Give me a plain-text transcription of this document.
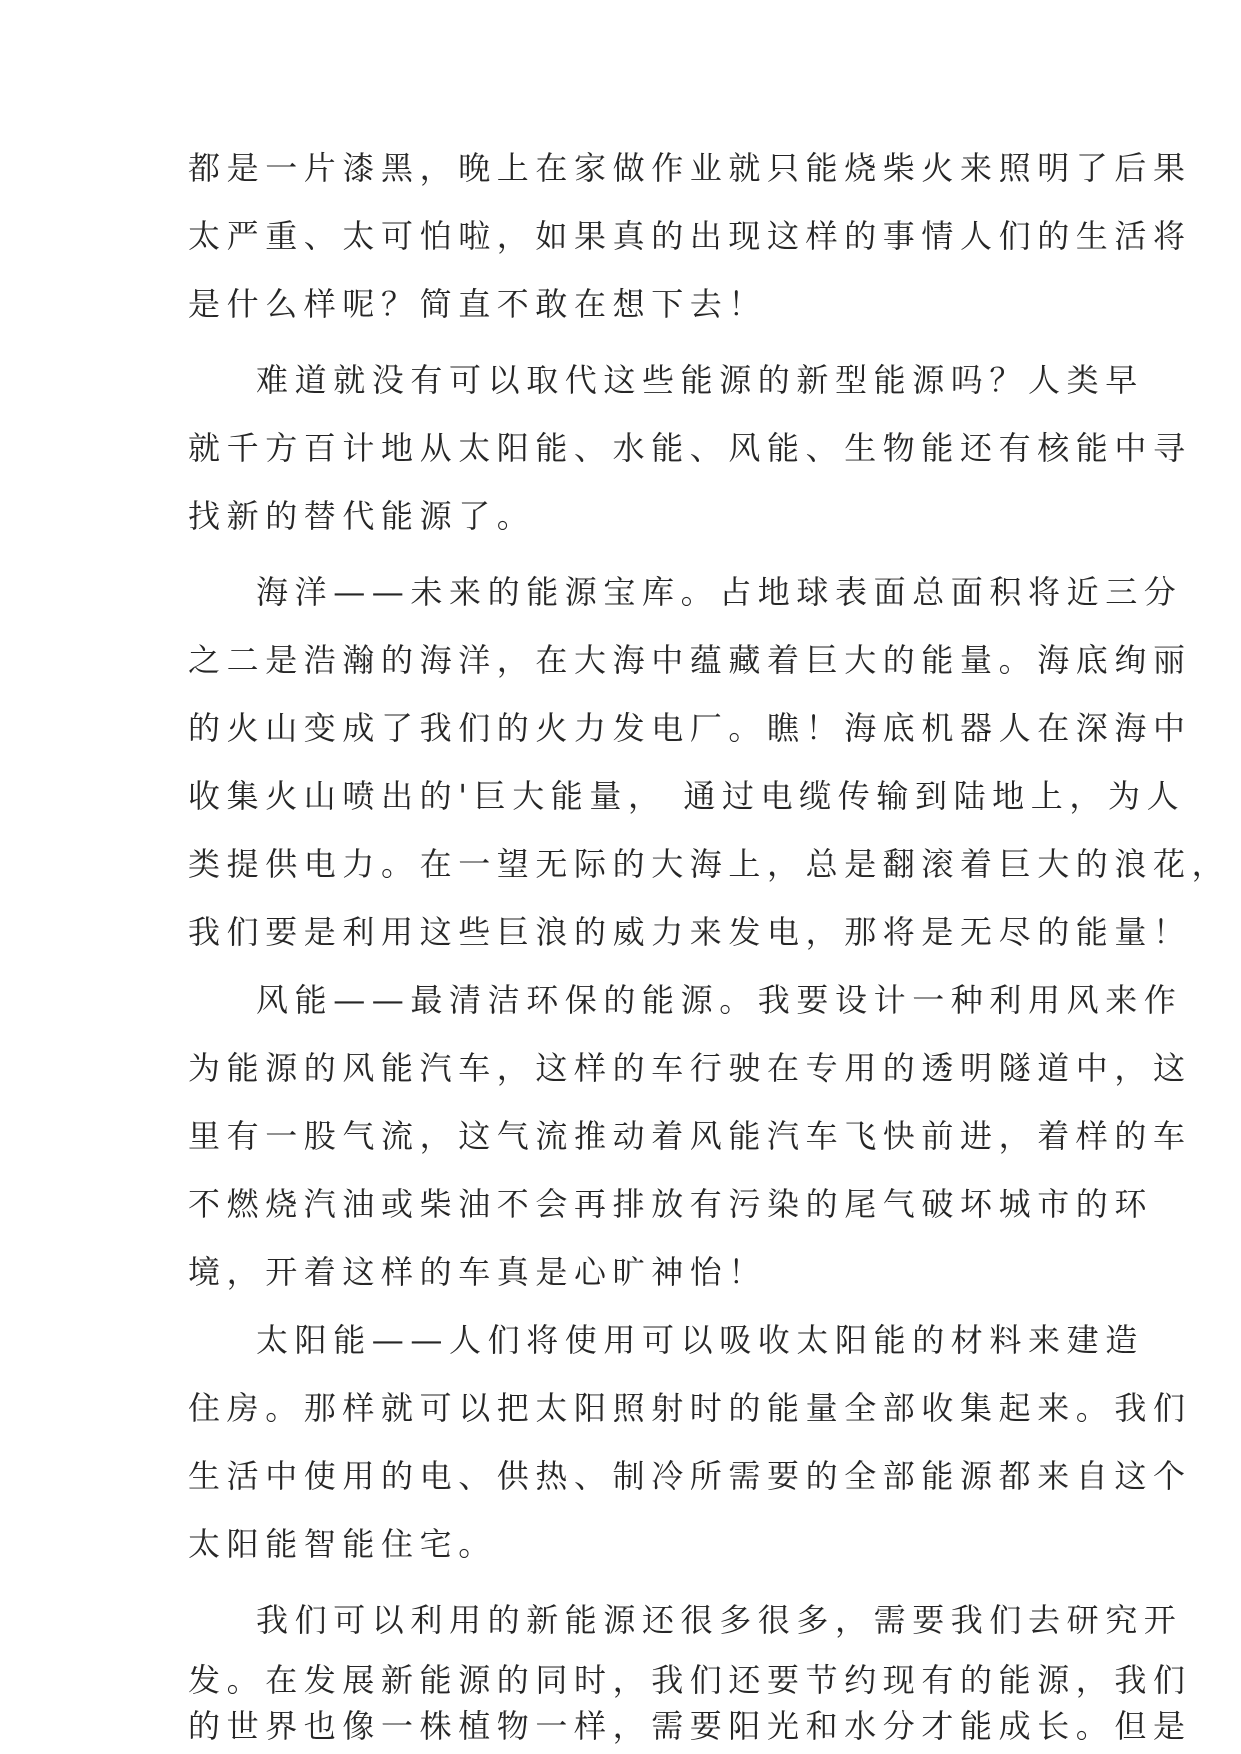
都是一片漆黑，晚上在家做作业就只能烧柴火来照明了后果

太严重、太可怕啦，如果真的出现这样的事情人们的生活将

是什么样呢？简直不敢在想下去！

难道就没有可以取代这些能源的新型能源吗？人类早

就千方百计地从太阳能、水能、风能、生物能还有核能中寻

找新的替代能源了。

海洋——未来的能源宝库。占地球表面总面积将近三分

之二是浩瀚的海洋，在大海中蕴藏着巨大的能量。海底绚丽

的火山变成了我们的火力发电厂。瞧！海底机器人在深海中

收集火山喷出的'巨大能量， 通过电缆传输到陆地上，为人

类提供电力。在一望无际的大海上，总是翻滚着巨大的浪花，

我们要是利用这些巨浪的威力来发电，那将是无尽的能量！

风能——最清洁环保的能源。我要设计一种利用风来作

为能源的风能汽车，这样的车行驶在专用的透明隧道中，这

里有一股气流，这气流推动着风能汽车飞快前进，着样的车

不燃烧汽油或柴油不会再排放有污染的尾气破坏城市的环

境，开着这样的车真是心旷神怡！

太阳能——人们将使用可以吸收太阳能的材料来建造

住房。那样就可以把太阳照射时的能量全部收集起来。我们

生活中使用的电、供热、制冷所需要的全部能源都来自这个

太阳能智能住宅。

我们可以利用的新能源还很多很多，需要我们去研究开

发。在发展新能源的同时，我们还要节约现有的能源，我们

的世界也像一株植物一样，需要阳光和水分才能成长。但是
